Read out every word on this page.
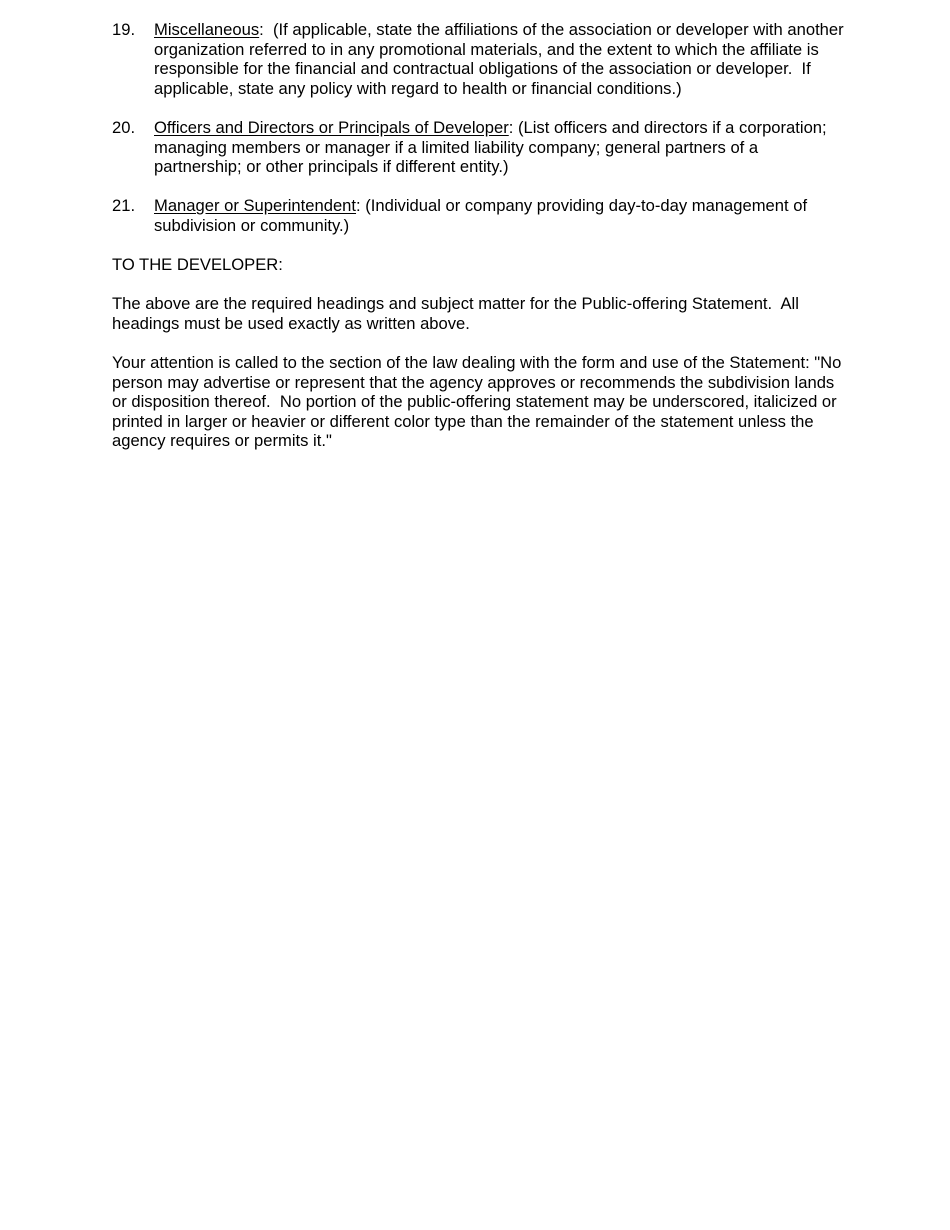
19.	Miscellaneous:  (If applicable, state the affiliations of the association or developer with another organization referred to in any promotional materials, and the extent to which the affiliate is responsible for the financial and contractual obligations of the association or developer.  If applicable, state any policy with regard to health or financial conditions.)
20.	Officers and Directors or Principals of Developer: (List officers and directors if a corporation; managing members or manager if a limited liability company; general partners of a partnership; or other principals if different entity.)
21.	Manager or Superintendent: (Individual or company providing day-to-day management of subdivision or community.)

TO THE DEVELOPER:

The above are the required headings and subject matter for the Public-offering Statement.  All headings must be used exactly as written above.

Your attention is called to the section of the law dealing with the form and use of the Statement: "No person may advertise or represent that the agency approves or recommends the subdivision lands or disposition thereof.  No portion of the public-offering statement may be underscored, italicized or printed in larger or heavier or different color type than the remainder of the statement unless the agency requires or permits it."
